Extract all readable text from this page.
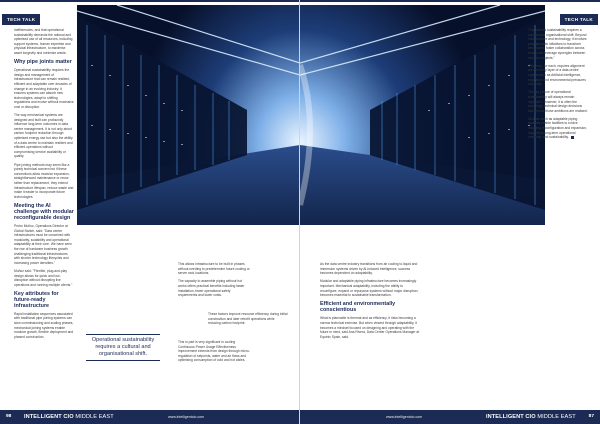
TECH TALK

inefficiencies, and that operational sustainability demands the rational and optimised use of all resources, including support systems, human expertise and physical infrastructure, to maximise asset longevity and minimise waste.

Why pipe joints matter

Operational sustainability requires the design and management of infrastructure that can remain resilient, efficient and adaptable over decades of change in an evolving industry. It ensures systems can absorb new technologies, adapt to shifting regulations and evolve without excessive cost or disruption.

The way mechanical systems are designed and built can profoundly influence long-term outcomes in data centre management. It is not only about carbon footprint reduction through optimised energy use but also the ability of a data centre to maintain resilient and efficient operations without compromising service availability or quality.

Pipe joining methods may seem like a purely technical concern but if these connections allow modular expansion, straightforward maintenance or reuse rather than replacement, they extend infrastructure lifespan, reduce waste and make it easier to incorporate future technologies.

Meeting the AI challenge with modular reconfigurable design

Pedro Muñoz, Operations Director at Global Switch, said: "Data centre infrastructures must be conceived with modularity, scalability and operational adaptability at their core. We have seen the rise of hardware business growth challenging traditional infrastructures with shorter technology lifecycles and increasing power densities."

Muñoz said: "Flexible, plug-and-play design allows for quick and low-disruption without disrupting live operations and running multiple clients."

Key attributes for future-ready infrastructure

Rapid installation sequences associated with traditional pipe joining systems can slow commissioning and scaling phases, mechanical joining systems enable modular growth, flexible deployment and phased construction.

Operational sustainability requires a cultural and organisational shift.

This allows infrastructure to be built in phases without needing to predetermine future cooling or server rack locations.

The capacity to assemble piping without hot works offers practical benefits including faster installation, fewer operational safety requirements and lower costs.

This in part is very significant in cooling Continuous Power Usage Effectiveness improvement extends from design through micro-regulation of setpoints, water and air flows and optimising consumption of cold and hot aisles.

These factors improve resource efficiency during initial construction and later retrofit operations while reducing carbon footprint.

98 INTELLIGENT CIO MIDDLE EAST	www.intelligentcio.com
TECH TALK

As the data centre industry transitions from air cooling to liquid and immersion systems driven by AI-induced intelligence, success becomes dependent on adaptability.

Modular and adaptable piping infrastructure becomes increasingly important. Mechanical adaptability, including the ability to reconfigure, expand or repurpose systems without major disruption, becomes essential to sustainable transformation.

Efficient and environmentally conscientious

What is plannable is thermal and as efficiency, it risks becoming a narrow technical exercise. But when viewed through adaptability, it becomes a mindset focused on designing and operating with the future in mind, said Ana Rivera, Data Center Operations Manager at Equinix Spain, said.

"Operational sustainability requires a cultural and organisational shift. Beyond infrastructure and technology, it involves programmatic initiatives to transform behaviours, foster collaboration across teams and leverage synergies between end-end projects."

Efficiency, for each, requires alignment across every layer of a data centre organisation as Artificial Intelligence, regulation and environmental pressures converge.

The big picture of operational sustainability will always remain important. However, it is often the seemingly technical design decisions that ensure those ambitions are realised.

Choices such as adaptable piping systems enable facilities to evolve including reconfiguration and expansion, supporting long-term operational continuity and sustainability.

www.intelligentcio.com	INTELLIGENT CIO MIDDLE EAST	87
